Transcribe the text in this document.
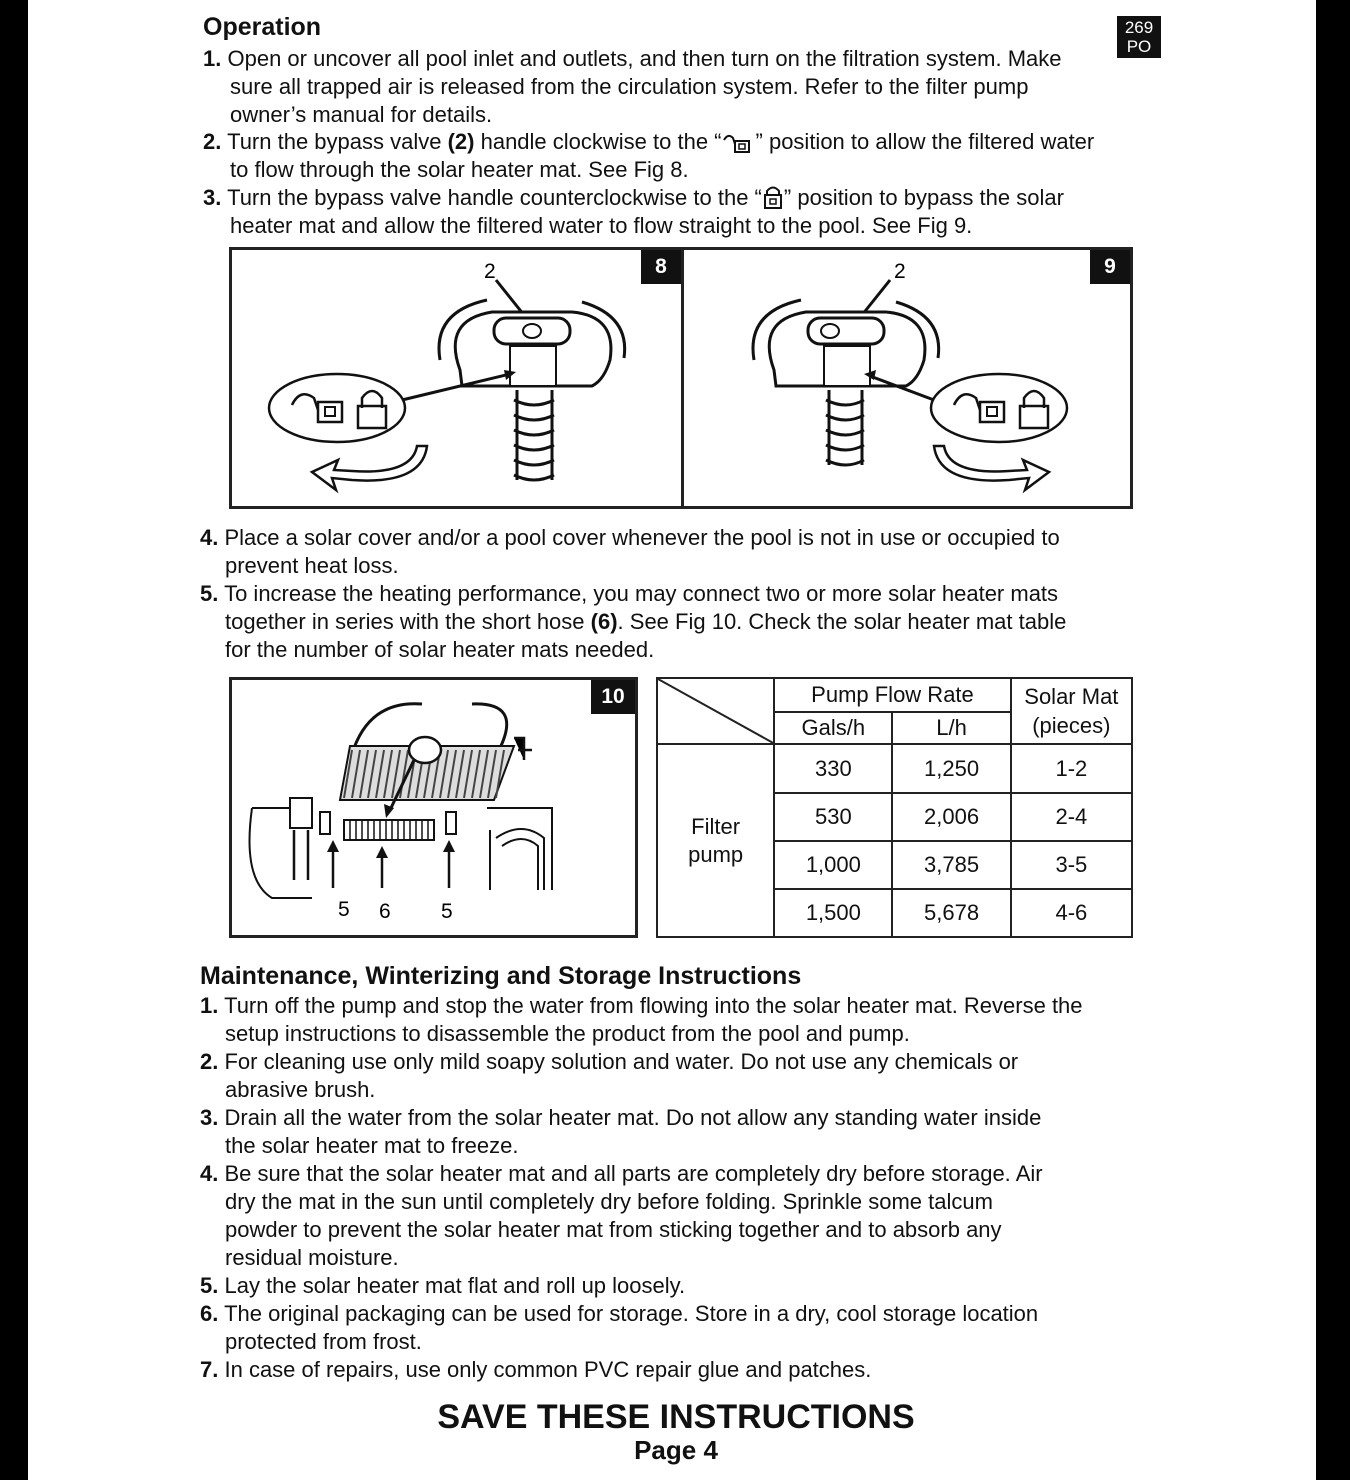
269
PO
Operation
1. Open or uncover all pool inlet and outlets, and then turn on the filtration system. Make
sure all trapped air is released from the circulation system. Refer to the filter pump
owner’s manual for details.
2. Turn the bypass valve (2) handle clockwise to the “ ” position to allow the filtered water
to flow through the solar heater mat. See Fig 8.
3. Turn the bypass valve handle counterclockwise to the “ ” position to bypass the solar
heater mat and allow the filtered water to flow straight to the pool. See Fig 9.
8
2	9
2
4. Place a solar cover and/or a pool cover whenever the pool is not in use or occupied to
prevent heat loss.
5. To increase the heating performance, you may connect two or more solar heater mats
together in series with the short hose (6). See Fig 10. Check the solar heater mat table
for the number of solar heater mats needed.
10
5 6 5
	Pump Flow Rate		Solar Mat
(pieces)

	Gals/h	L/h	

Filter
pump	330	1,250	1-2
	530	2,006	2-4
	1,000	3,785	3-5
	1,500	5,678	4-6
Maintenance, Winterizing and Storage Instructions
1. Turn off the pump and stop the water from flowing into the solar heater mat. Reverse the
setup instructions to disassemble the product from the pool and pump.
2. For cleaning use only mild soapy solution and water. Do not use any chemicals or
abrasive brush.
3. Drain all the water from the solar heater mat. Do not allow any standing water inside
the solar heater mat to freeze.
4. Be sure that the solar heater mat and all parts are completely dry before storage. Air
dry the mat in the sun until completely dry before folding. Sprinkle some talcum
powder to prevent the solar heater mat from sticking together and to absorb any
residual moisture.
5. Lay the solar heater mat flat and roll up loosely.
6. The original packaging can be used for storage. Store in a dry, cool storage location
protected from frost.
7. In case of repairs, use only common PVC repair glue and patches.
SAVE THESE INSTRUCTIONS
Page 4
